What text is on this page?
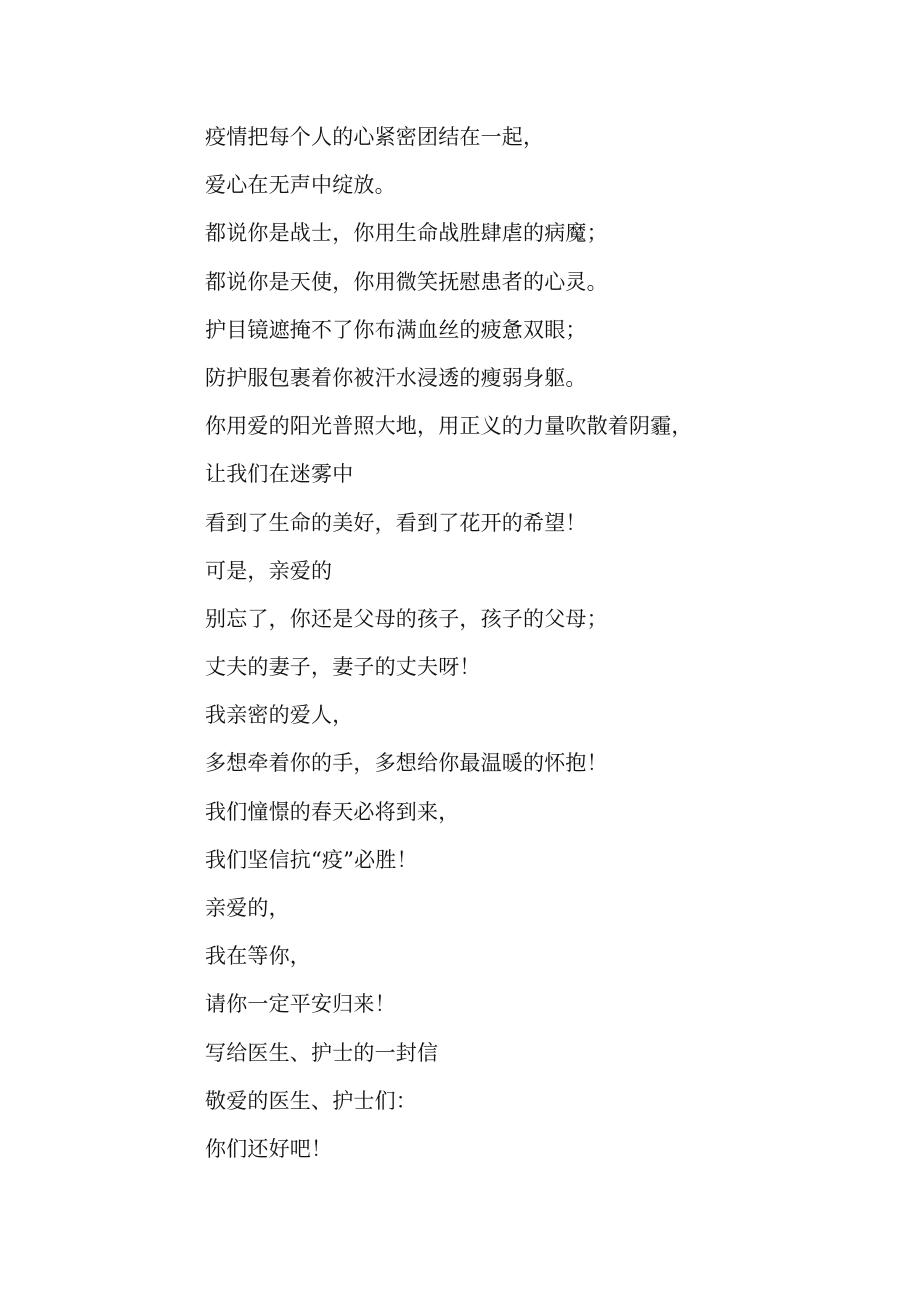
疫情把每个人的心紧密团结在一起，
爱心在无声中绽放。
都说你是战士，你用生命战胜肆虐的病魔；
都说你是天使，你用微笑抚慰患者的心灵。
护目镜遮掩不了你布满血丝的疲惫双眼；
防护服包裹着你被汗水浸透的瘦弱身躯。
你用爱的阳光普照大地，用正义的力量吹散着阴霾，
让我们在迷雾中
看到了生命的美好，看到了花开的希望！
可是，亲爱的
别忘了，你还是父母的孩子，孩子的父母；
丈夫的妻子，妻子的丈夫呀！
我亲密的爱人，
多想牵着你的手，多想给你最温暖的怀抱！
我们憧憬的春天必将到来，
我们坚信抗“疫”必胜！
亲爱的，
我在等你，
请你一定平安归来！
写给医生、护士的一封信
敬爱的医生、护士们：
你们还好吧！
